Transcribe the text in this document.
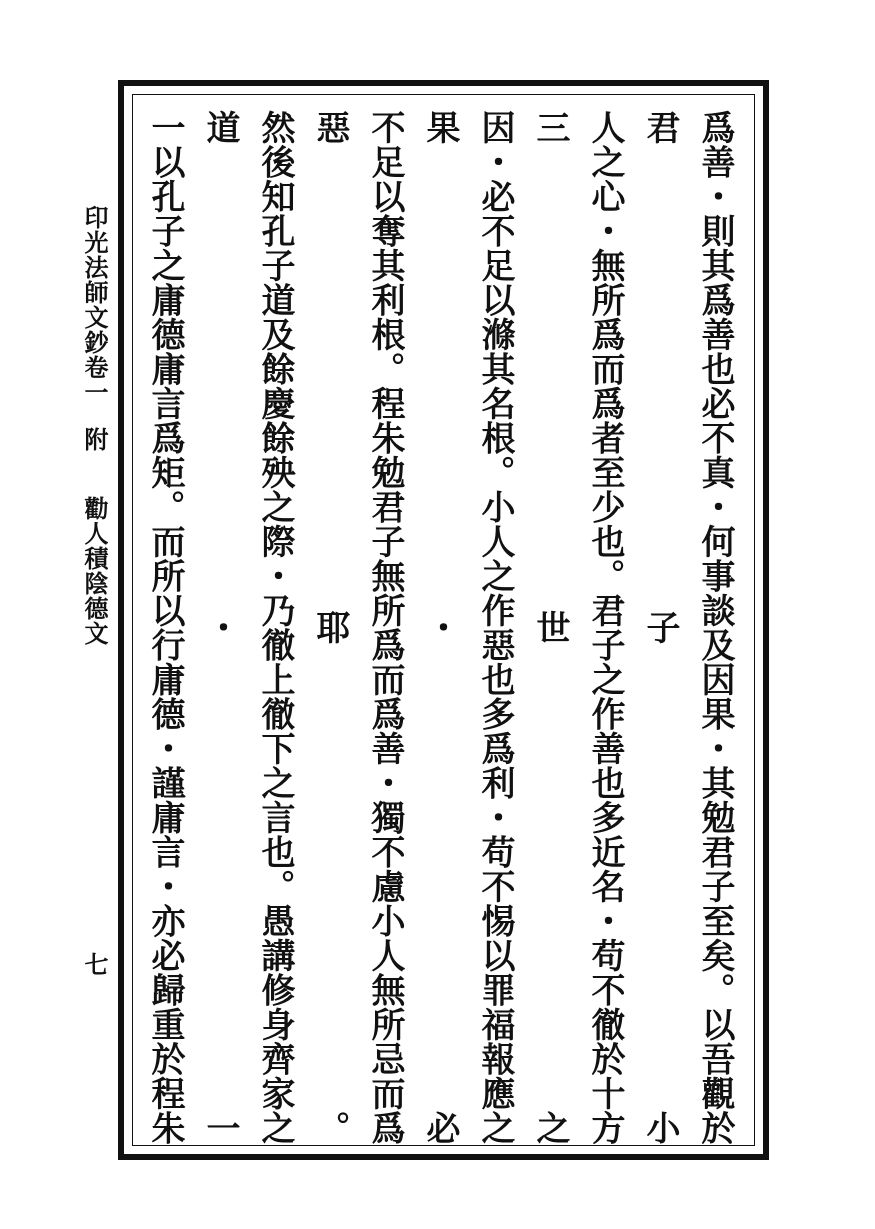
爲善・則其爲善也必不真・何事談及因果・其勉君子至矣。以吾觀於君子小
人之心・無所爲而爲者至少也。君子之作善也多近名・苟不徹於十方三世之
因・必不足以滌其名根。小人之作惡也多爲利・苟不惕以罪福報應之果・必
不足以奪其利根。程朱勉君子無所爲而爲善・獨不慮小人無所忌而爲惡耶。
然後知孔子道及餘慶餘殃之際・乃徹上徹下之言也。愚講修身齊家之道・一
一以孔子之庸德庸言爲矩。而所以行庸德・謹庸言・亦必歸重於程朱
印光法師文鈔卷一附勸人積陰德文
七
